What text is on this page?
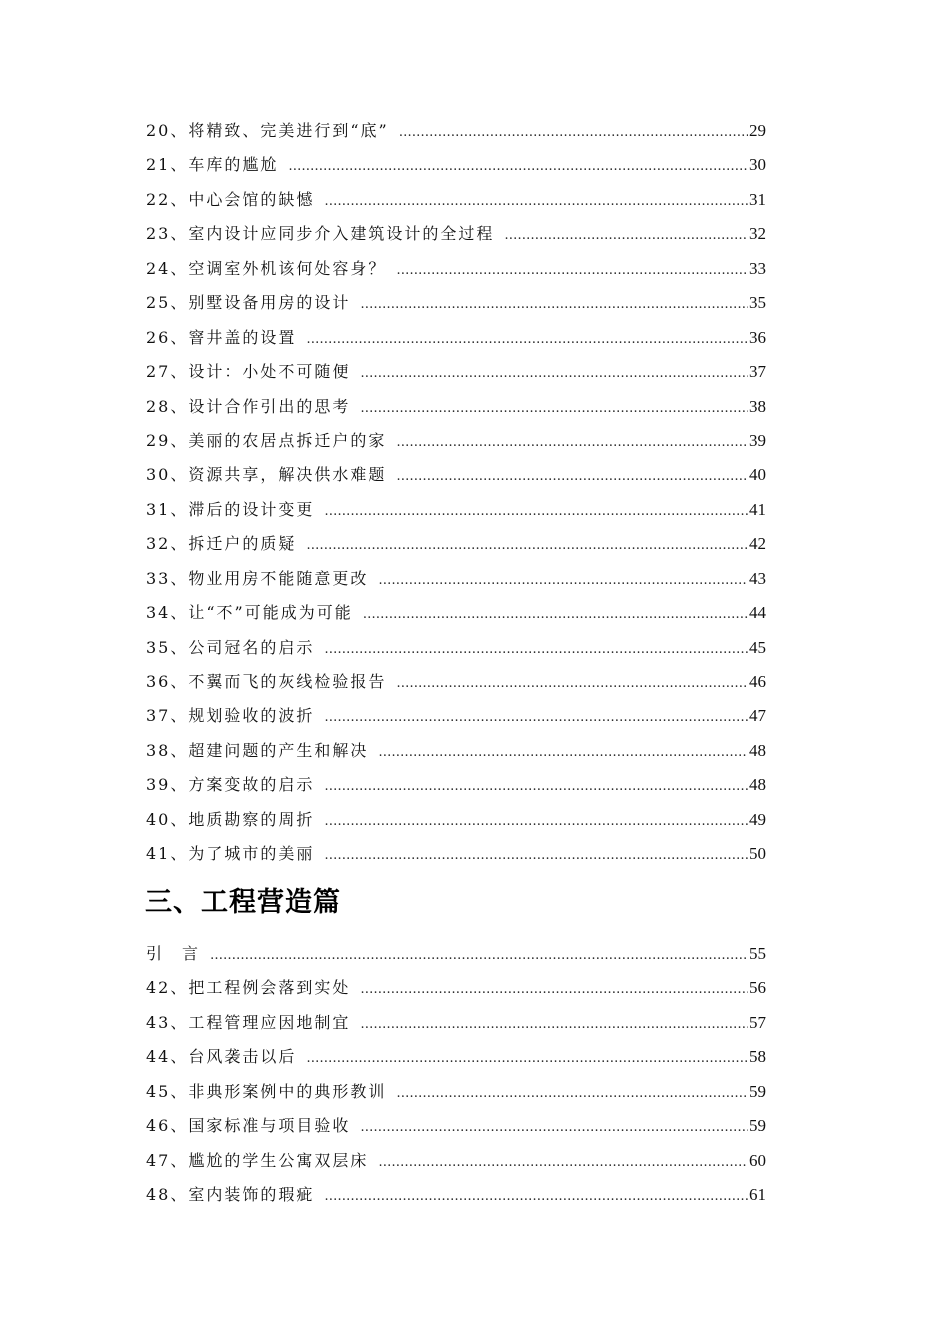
20、将精致、完美进行到“底” …………………………………………………………………………………………………………………………………………………………………………	29
21、车库的尴尬 …………………………………………………………………………………………………………………………………………………………………………	30
22、中心会馆的缺憾 …………………………………………………………………………………………………………………………………………………………………………	31
23、室内设计应同步介入建筑设计的全过程 …………………………………………………………………………………………………………………………………………………………………………	32
24、空调室外机该何处容身？ …………………………………………………………………………………………………………………………………………………………………………	33
25、别墅设备用房的设计 …………………………………………………………………………………………………………………………………………………………………………	35
26、窨井盖的设置 …………………………………………………………………………………………………………………………………………………………………………	36
27、设计：小处不可随便 …………………………………………………………………………………………………………………………………………………………………………	37
28、设计合作引出的思考 …………………………………………………………………………………………………………………………………………………………………………	38
29、美丽的农居点拆迁户的家 …………………………………………………………………………………………………………………………………………………………………………	39
30、资源共享，解决供水难题 …………………………………………………………………………………………………………………………………………………………………………	40
31、滞后的设计变更 …………………………………………………………………………………………………………………………………………………………………………	41
32、拆迁户的质疑 …………………………………………………………………………………………………………………………………………………………………………	42
33、物业用房不能随意更改 …………………………………………………………………………………………………………………………………………………………………………	43
34、让“不”可能成为可能 …………………………………………………………………………………………………………………………………………………………………………	44
35、公司冠名的启示 …………………………………………………………………………………………………………………………………………………………………………	45
36、不翼而飞的灰线检验报告 …………………………………………………………………………………………………………………………………………………………………………	46
37、规划验收的波折 …………………………………………………………………………………………………………………………………………………………………………	47
38、超建问题的产生和解决 …………………………………………………………………………………………………………………………………………………………………………	48
39、方案变故的启示 …………………………………………………………………………………………………………………………………………………………………………	48
40、地质勘察的周折 …………………………………………………………………………………………………………………………………………………………………………	49
41、为了城市的美丽 …………………………………………………………………………………………………………………………………………………………………………	50
三、工程营造篇
引　言 …………………………………………………………………………………………………………………………………………………………………………	55
42、把工程例会落到实处 …………………………………………………………………………………………………………………………………………………………………………	56
43、工程管理应因地制宜 …………………………………………………………………………………………………………………………………………………………………………	57
44、台风袭击以后 …………………………………………………………………………………………………………………………………………………………………………	58
45、非典形案例中的典形教训 …………………………………………………………………………………………………………………………………………………………………………	59
46、国家标准与项目验收 …………………………………………………………………………………………………………………………………………………………………………	59
47、尴尬的学生公寓双层床 …………………………………………………………………………………………………………………………………………………………………………	60
48、室内装饰的瑕疵 …………………………………………………………………………………………………………………………………………………………………………	61
